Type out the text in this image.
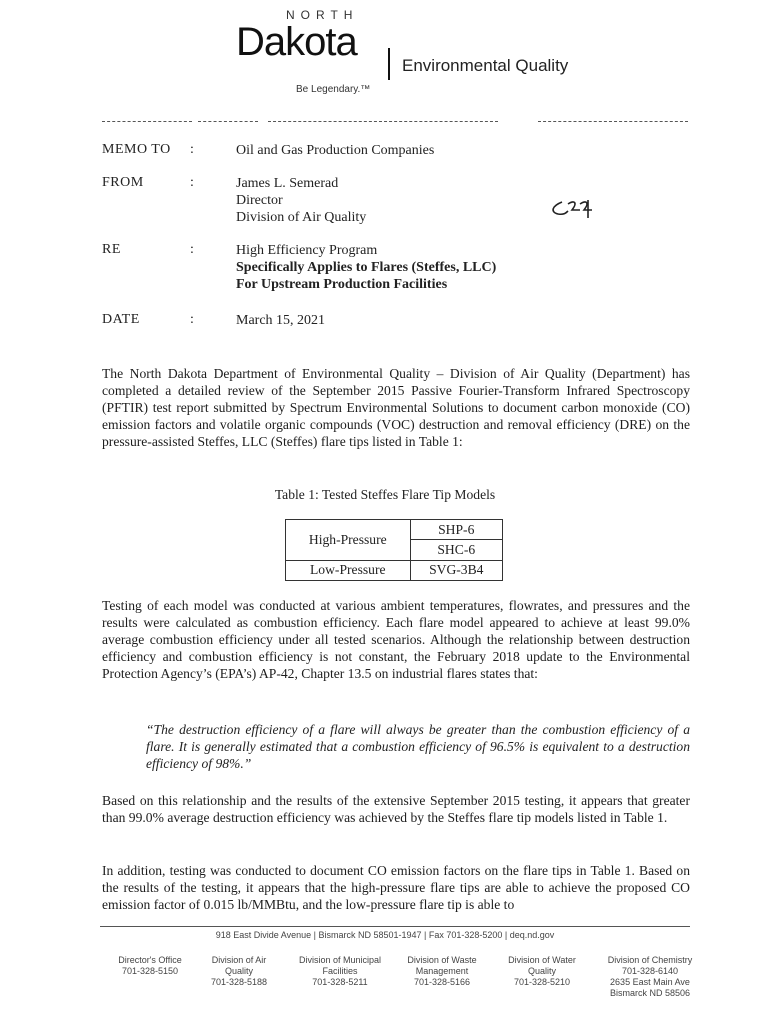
NORTH
Dakota
Environmental Quality
Be Legendary.™
MEMO TO :	Oil and Gas Production Companies
FROM	:	James L. Semerad
Director
Division of Air Quality
RE	:	High Efficiency Program
Specifically Applies to Flares (Steffes, LLC)
For Upstream Production Facilities
DATE	:	March 15, 2021
The North Dakota Department of Environmental Quality – Division of Air Quality (Department) has completed a detailed review of the September 2015 Passive Fourier-Transform Infrared Spectroscopy (PFTIR) test report submitted by Spectrum Environmental Solutions to document carbon monoxide (CO) emission factors and volatile organic compounds (VOC) destruction and removal efficiency (DRE) on the pressure-assisted Steffes, LLC (Steffes) flare tips listed in Table 1:
Table 1: Tested Steffes Flare Tip Models
High-Pressure	SHP-6
	SHC-6
Low-Pressure	SVG-3B4
Testing of each model was conducted at various ambient temperatures, flowrates, and pressures and the results were calculated as combustion efficiency. Each flare model appeared to achieve at least 99.0% average combustion efficiency under all tested scenarios. Although the relationship between destruction efficiency and combustion efficiency is not constant, the February 2018 update to the Environmental Protection Agency’s (EPA’s) AP-42, Chapter 13.5 on industrial flares states that:
“The destruction efficiency of a flare will always be greater than the combustion efficiency of a flare. It is generally estimated that a combustion efficiency of 96.5% is equivalent to a destruction efficiency of 98%.”
Based on this relationship and the results of the extensive September 2015 testing, it appears that greater than 99.0% average destruction efficiency was achieved by the Steffes flare tip models listed in Table 1.
In addition, testing was conducted to document CO emission factors on the flare tips in Table 1. Based on the results of the testing, it appears that the high-pressure flare tips are able to achieve the proposed CO emission factor of 0.015 lb/MMBtu, and the low-pressure flare tip is able to
918 East Divide Avenue | Bismarck ND 58501-1947 | Fax 701-328-5200 | deq.nd.gov
Director's Office
701-328-5150
Division of Air Quality
701-328-5188
Division of Municipal Facilities
701-328-5211
Division of Waste Management
701-328-5166
Division of Water Quality
701-328-5210
Division of Chemistry
701-328-6140
2635 East Main Ave Bismarck ND 58506
